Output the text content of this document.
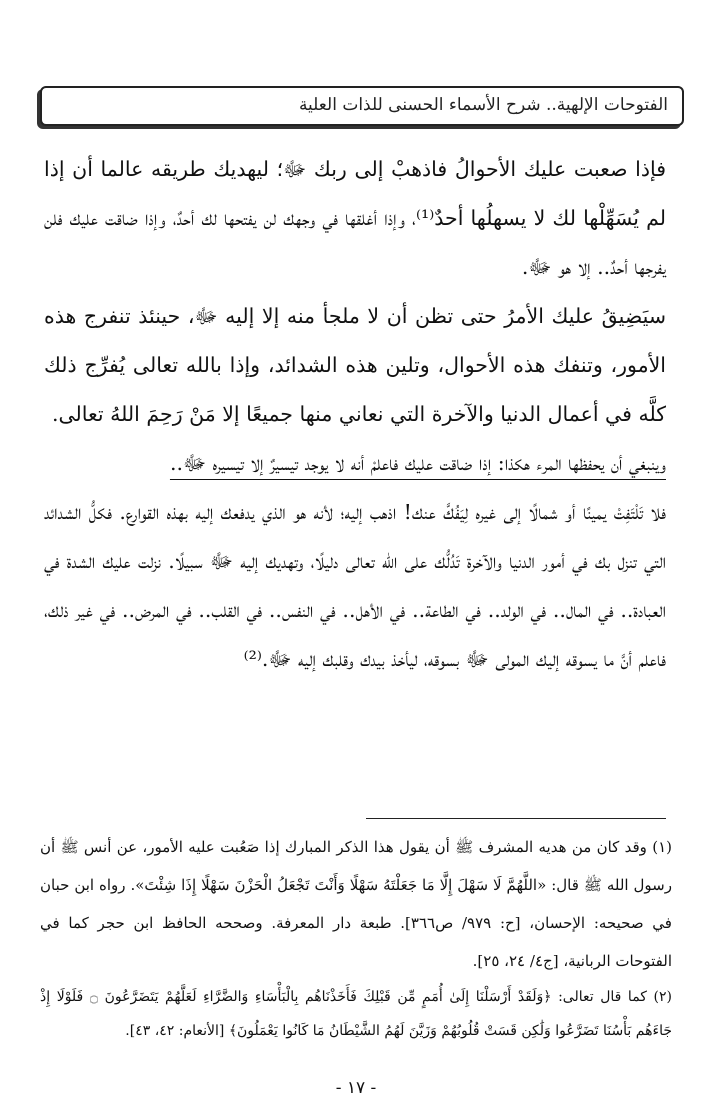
الفتوحات الإلهية.. شرح الأسماء الحسنى للذات العلية

فإذا صعبت عليك الأحوالُ فاذهبْ إلى ربك ﷻ؛ ليهديك طريقه عالما أن إذا لم يُسَهِّلْها لك لا يسهلُها أحدٌ⁽¹⁾، وإذا أغلقها في وجهك لن يفتحها لك أحدٌ، وإذا ضاقت عليك فلن يفرجها أحدٌ.. إلا هو ﷻ.

سيَضِيقُ عليك الأمرُ حتى تظن أن لا ملجأ منه إلا إليه ﷻ، حينئذ تنفرج هذه الأمور، وتنفك هذه الأحوال، وتلين هذه الشدائد، وإذا بالله تعالى يُفرِّج ذلك كلَّه في أعمال الدنيا والآخرة التي نعاني منها جميعًا إلا مَنْ رَحِمَ اللهُ تعالى.

وينبغي أن يحفظها المرء هكذا: إذا ضاقت عليك فاعلمْ أنه لا يوجد تيسيرٌ إلا تيسيره ﷻ..

فلا تَلْتَفِتْ يمينًا أو شمالًا إلى غيره لِيَفُكَّ عنك! اذهب إليه؛ لأنه هو الذي يدفعك إليه بهذه القوارع. فكلُّ الشدائد التي تنزل بك في أمور الدنيا والآخرة تَدُلُّك على الله تعالى دليلًا، وتهديك إليه ﷻ سبيلًا. نزلت عليك الشدة في العبادة.. في المال.. في الولد.. في الطاعة.. في الأهل.. في النفس.. في القلب.. في المرض.. في غير ذلك، فاعلم أنَّ ما يسوقه إليك المولى ﷻ بسوقه، ليأخذ بيدك وقلبك إليه ﷻ.⁽²⁾

(١) وقد كان من هديه المشرف ﷺ أن يقول هذا الذكر المبارك إذا صَعُبت عليه الأمور، عن أنس ﷺ أن رسول الله ﷺ قال: «اللَّهُمَّ لَا سَهْلَ إِلَّا مَا جَعَلْتَهُ سَهْلًا وَأَنْتَ تَجْعَلُ الْحَزْنَ سَهْلًا إِذَا شِئْتَ». رواه ابن حبان في صحيحه: الإحسان، [ح: ٩٧٩/ ص٣٦٦]. طبعة دار المعرفة. وصححه الحافظ ابن حجر كما في الفتوحات الربانية، [ج٤/ ٢٤، ٢٥].

(٢) كما قال تعالى: ﴿وَلَقَدْ أَرْسَلْنَا إِلَىٰ أُمَمٍ مِّن قَبْلِكَ فَأَخَذْنَاهُم بِالْبَأْسَاءِ وَالضَّرَّاءِ لَعَلَّهُمْ يَتَضَرَّعُونَ ۝ فَلَوْلَا إِذْ جَاءَهُم بَأْسُنَا تَضَرَّعُوا وَلَٰكِن قَسَتْ قُلُوبُهُمْ وَزَيَّنَ لَهُمُ الشَّيْطَانُ مَا كَانُوا يَعْمَلُونَ﴾ [الأنعام: ٤٢، ٤٣].

- ١٧ -
